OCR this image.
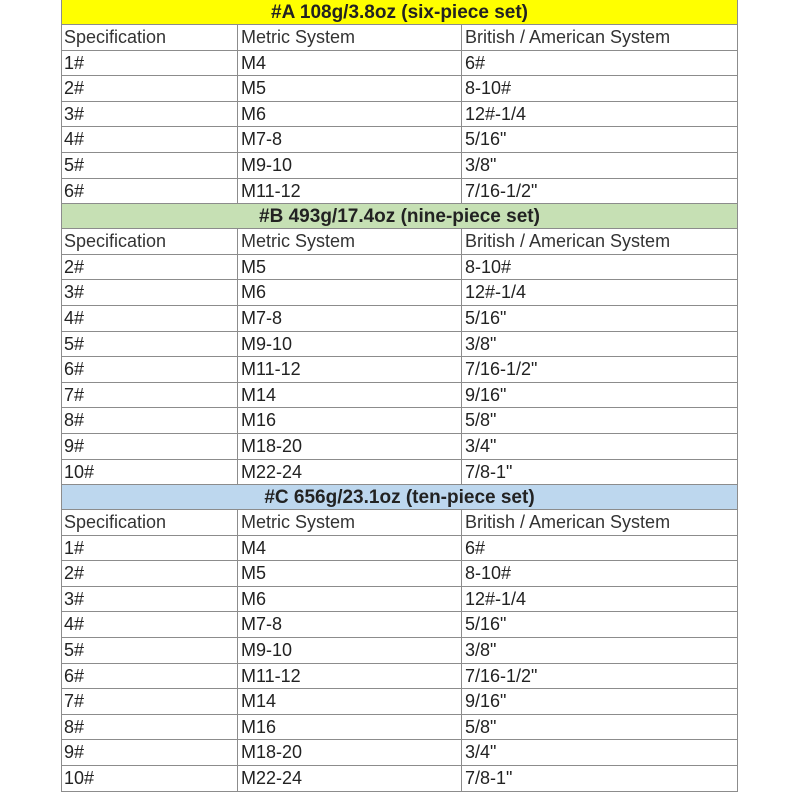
#A 108g/3.8oz (six-piece set)
Specification	Metric System	British / American System
1#	M4	6#
2#	M5	8-10#
3#	M6	12#-1/4
4#	M7-8	5/16"
5#	M9-10	3/8"
6#	M11-12	7/16-1/2"
#B 493g/17.4oz (nine-piece set)
Specification	Metric System	British / American System
2#	M5	8-10#
3#	M6	12#-1/4
4#	M7-8	5/16"
5#	M9-10	3/8"
6#	M11-12	7/16-1/2"
7#	M14	9/16"
8#	M16	5/8"
9#	M18-20	3/4"
10#	M22-24	7/8-1"
#C 656g/23.1oz (ten-piece set)
Specification	Metric System	British / American System
1#	M4	6#
2#	M5	8-10#
3#	M6	12#-1/4
4#	M7-8	5/16"
5#	M9-10	3/8"
6#	M11-12	7/16-1/2"
7#	M14	9/16"
8#	M16	5/8"
9#	M18-20	3/4"
10#	M22-24	7/8-1"
